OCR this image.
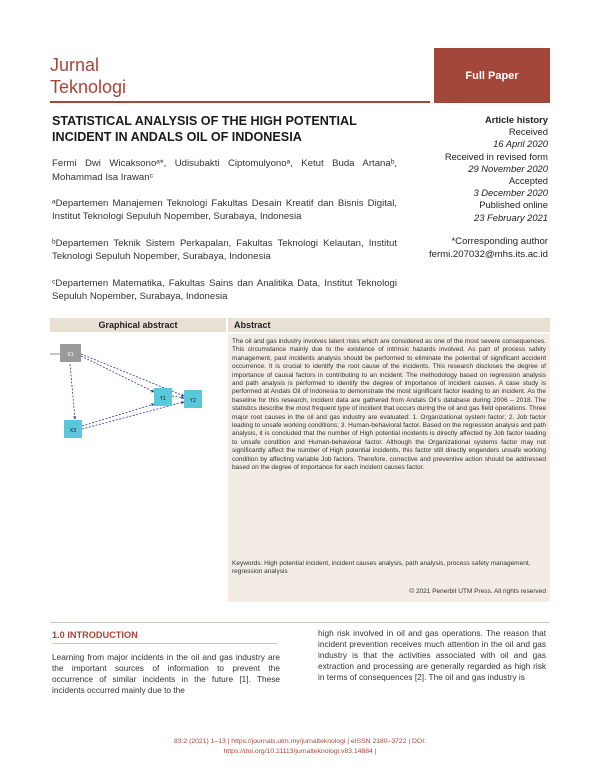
Jurnal
Teknologi
Full Paper
STATISTICAL ANALYSIS OF THE HIGH POTENTIAL INCIDENT IN ANDALS OIL OF INDONESIA
Fermi Dwi Wicaksonoᵃ*, Udisubakti Ciptomulyonoᵃ, Ketut Buda Artanaᵇ, Mohammad Isa Irawanᶜ
ᵃDepartemen Manajemen Teknologi Fakultas Desain Kreatif dan Bisnis Digital, Institut Teknologi Sepuluh Nopember, Surabaya, Indonesia
ᵇDepartemen Teknik Sistem Perkapalan, Fakultas Teknologi Kelautan, Institut Teknologi Sepuluh Nopember, Surabaya, Indonesia
ᶜDepartemen Matematika, Fakultas Sains dan Analitika Data, Institut Teknologi Sepuluh Nopember, Surabaya, Indonesia
Article history
Received
16 April 2020
Received in revised form
29 November 2020
Accepted
3 December 2020
Published online
23 February 2021
*Corresponding author
fermi.207032@mhs.its.ac.id
Graphical abstract
X1
Y1	Y2
X3
Abstract
The oil and gas industry involves latent risks which are considered as one of the most severe consequences. This circumstance mainly due to the existence of intrinsic hazards involved. As part of process safety management, past incidents analysis should be performed to eliminate the potential of significant accident occurrence. It is crucial to identify the root cause of the incidents. This research discloses the degree of importance of causal factors in contributing to an incident. The methodology based on regression analysis and path analysis is performed to identify the degree of importance of incident causes. A case study is performed at Andals Oil of Indonesia to demonstrate the most significant factor leading to an incident. As the baseline for this research, incident data are gathered from Andals Oil's database during 2006 – 2018. The statistics describe the most frequent type of incident that occurs during the oil and gas field operations. Three major root causes in the oil and gas industry are evaluated: 1. Organizational system factor; 2. Job factor leading to unsafe working conditions; 3. Human-behavioral factor. Based on the regression analysis and path analysis, it is concluded that the number of High potential incidents is directly affected by Job factor leading to unsafe condition and Human-behavioral factor. Although the Organizational systems factor may not significantly affect the number of High potential incidents, this factor still directly engenders unsafe working condition by affecting variable Job factors. Therefore, corrective and preventive action should be addressed based on the degree of importance for each incident causes factor.
Keywords: High potential incident, incident causes analysis, path analysis, process safety management, regression analysis
© 2021 Penerbit UTM Press. All rights reserved
1.0 INTRODUCTION
Learning from major incidents in the oil and gas industry are the important sources of information to prevent the occurrence of similar incidents in the future [1]. These incidents occurred mainly due to the
high risk involved in oil and gas operations. The reason that incident prevention receives much attention in the oil and gas industry is that the activities associated with oil and gas extraction and processing are generally regarded as high risk in terms of consequences [2]. The oil and gas industry is
83:2 (2021) 1–13 | https://journals.utm.my/jurnalteknologi | eISSN 2180–3722 | DOI:
https://doi.org/10.11113/jurnalteknologi.v83.14884 |
